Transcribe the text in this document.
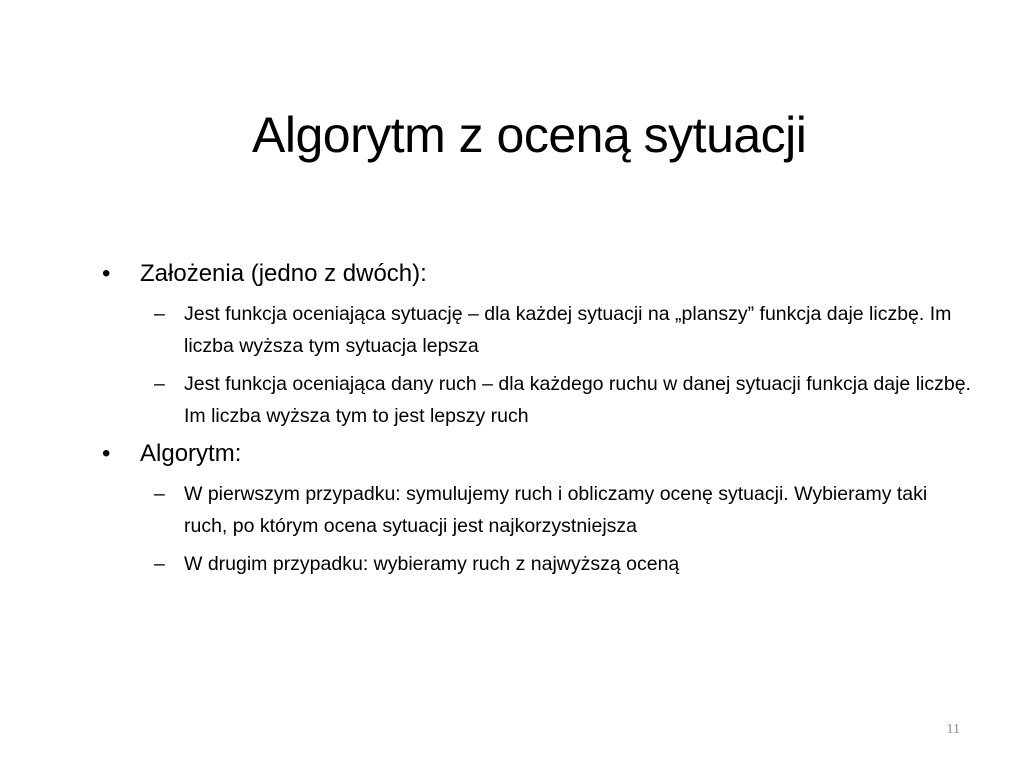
Algorytm z oceną sytuacji
•	Założenia (jedno z dwóch):
– Jest funkcja oceniająca sytuację – dla każdej sytuacji na „planszy” funkcja daje liczbę. Im liczba wyższa tym sytuacja lepsza
– Jest funkcja oceniająca dany ruch – dla każdego ruchu w danej sytuacji funkcja daje liczbę. Im liczba wyższa tym to jest lepszy ruch
•	Algorytm:
– W pierwszym przypadku: symulujemy ruch i obliczamy ocenę sytuacji. Wybieramy taki ruch, po którym ocena sytuacji jest najkorzystniejsza
– W drugim przypadku: wybieramy ruch z najwyższą oceną
11
